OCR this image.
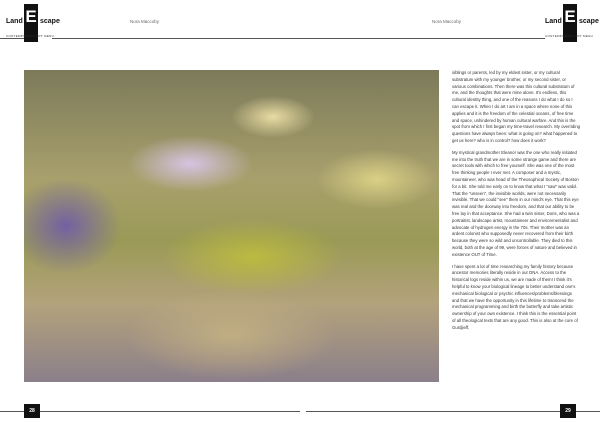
Land E scape
CONTEMPORARY ART MENU
Nora Maccoby	Nora Maccoby	Land E scape
CONTEMPORARY ART MENU

siblings or parents, led by my eldest sister, or my cultural substratum with my younger brother, or my second sister, or various combinations. Then there was this cultural substratum of me, and the thoughts that were mine alone. It's endless, this cultural identity thing, and one of the reasons I do what I do so I can escape it. When I do art I am in a space where none of this applies and it is the freedom of the celestial oceans, of free time and space, unhindered by human cultural warfare. And this is the spot from which I first began my time-travel research. My overriding questions have always been: what is going on? what happened to get us here? who is in control? how does it work?

My mystical grandmother Eleanor was the one who really initiated me into the truth that we are in some strange game and there are secret tools with which to free yourself. She was one of the most free thinking people I ever met. A composer and a mystic, mountaineer, who was head of the Theosophical Society of Boston for a bit. She told me early on to know that what I "saw" was valid. That the "unseen", the invisible worlds, were not necessarily invisible. That we could "see" them in our mind's eye. That this eye was real and the doorway into freedom, and that our ability to be free lay in that acceptance. She had a twin sister, Doris, who was a portraitist, landscape artist, mountaineer and environmentalist and advocate of hydrogen energy in the 70s. Their mother was an ardent colonist who supposedly never recovered from their birth because they were so wild and uncontrollable. They died to this world, both at the age of 99, were forces of nature and believed in existence OUT of Time.

I have spent a lot of time researching my family history because ancestor memories literally reside in our DNA. Access to the historical logs reside within us, we are made of them! I think it's helpful to know your biological lineage to better understand one's mechanical biological or psychic influences/problems/blessings and that we have the opportunity in this lifetime to transcend the mechanical programming and birth the butterfly and take artistic ownership of your own existence. I think this is the essential point of all theological texts that are any good. This is also at the core of Gurdjieff,

28	29
